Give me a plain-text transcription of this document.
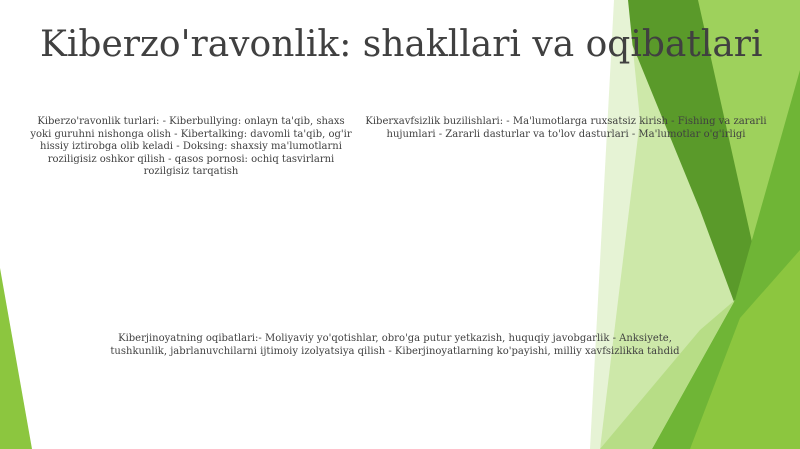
Kiberzo'ravonlik: shakllari va oqibatlari
Kiberzo'ravonlik turlari: - Kiberbullying: onlayn ta'qib, shaxs yoki guruhni nishonga olish - Kibertalking: davomli ta'qib, og'ir hissiy iztirobga olib keladi - Doksing: shaxsiy ma'lumotlarni roziligisiz oshkor qilish - qasos pornosi: ochiq tasvirlarni rozilgisiz tarqatish
Kiberxavfsizlik buzilishlari: - Ma'lumotlarga ruxsatsiz kirish - Fishing va zararli hujumlari - Zararli dasturlar va to'lov dasturlari - Ma'lumotlar o'g'irligi
Kiberjinoyatning oqibatlari:- Moliyaviy yo'qotishlar, obro'ga putur yetkazish, huquqiy javobgarlik - Anksiyete, tushkunlik, jabrlanuvchilarni ijtimoiy izolyatsiya qilish - Kiberjinoyatlarning ko'payishi, milliy xavfsizlikka tahdid
